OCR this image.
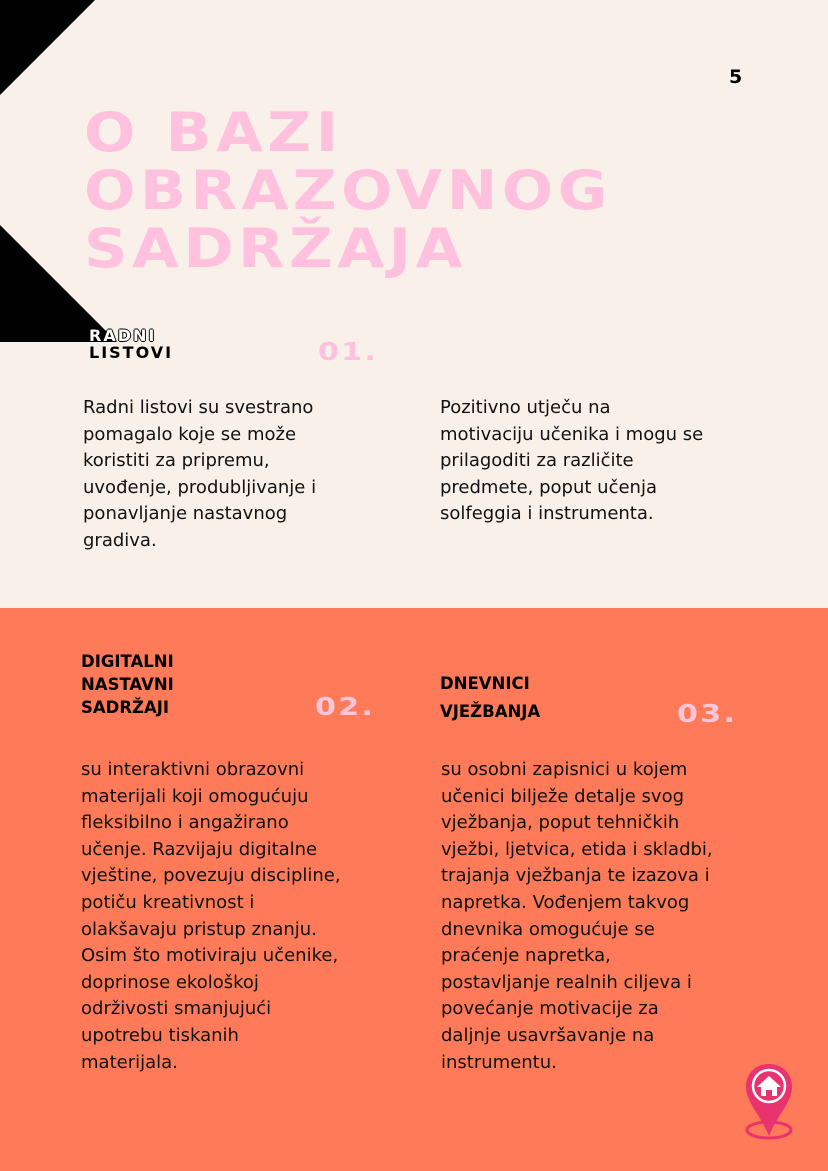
5
O BAZI
OBRAZOVNOG
SADRŽAJA
RADNI
LISTOVI	01.
Radni listovi su svestrano
pomagalo koje se može
koristiti za pripremu,
uvođenje, produbljivanje i
ponavljanje nastavnog
gradiva.
Pozitivno utječu na
motivaciju učenika i mogu se
prilagoditi za različite
predmete, poput učenja
solfeggia i instrumenta.
DIGITALNI
NASTAVNI
SADRŽAJI	02.
DNEVNICI
VJEŽBANJA	03.
su interaktivni obrazovni
materijali koji omogućuju
fleksibilno i angažirano
učenje. Razvijaju digitalne
vještine, povezuju discipline,
potiču kreativnost i
olakšavaju pristup znanju.
Osim što motiviraju učenike,
doprinose ekološkoj
održivosti smanjujući
upotrebu tiskanih
materijala.
su osobni zapisnici u kojem
učenici bilježe detalje svog
vježbanja, poput tehničkih
vježbi, ljetvica, etida i skladbi,
trajanja vježbanja te izazova i
napretka. Vođenjem takvog
dnevnika omogućuje se
praćenje napretka,
postavljanje realnih ciljeva i
povećanje motivacije za
daljnje usavršavanje na
instrumentu.
